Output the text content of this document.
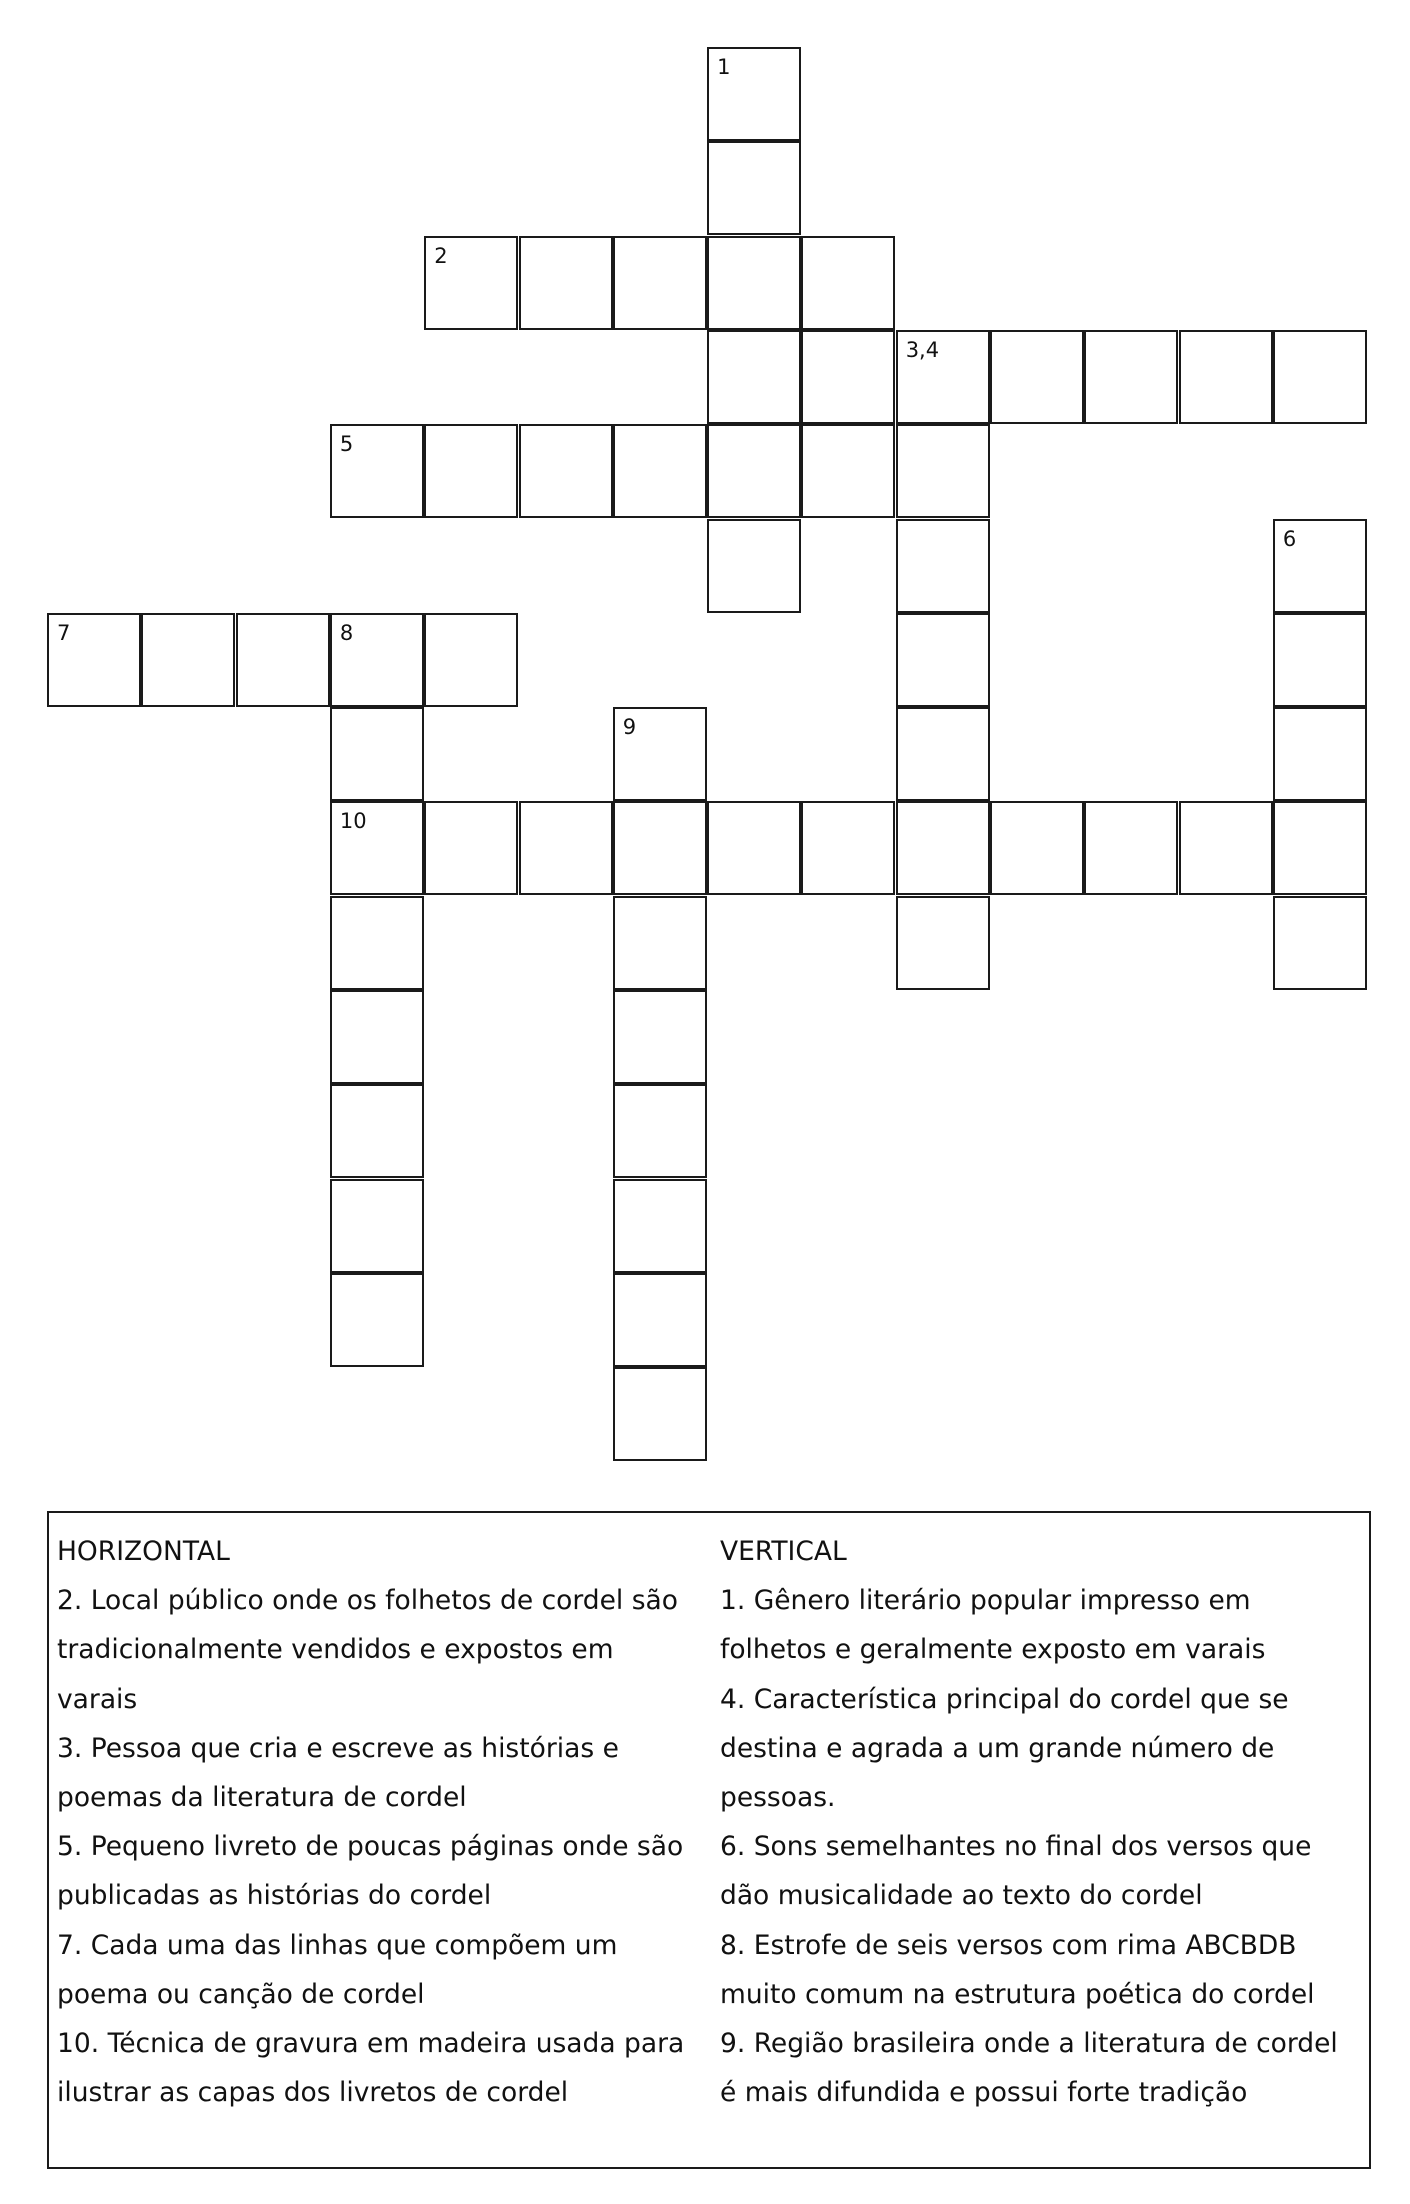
1
2
3,4
5
6
7	8
9
10
HORIZONTAL
2. Local público onde os folhetos de cordel são
tradicionalmente vendidos e expostos em
varais
3. Pessoa que cria e escreve as histórias e
poemas da literatura de cordel
5. Pequeno livreto de poucas páginas onde são
publicadas as histórias do cordel
7. Cada uma das linhas que compõem um
poema ou canção de cordel
10. Técnica de gravura em madeira usada para
ilustrar as capas dos livretos de cordel
VERTICAL
1. Gênero literário popular impresso em
folhetos e geralmente exposto em varais
4. Característica principal do cordel que se
destina e agrada a um grande número de
pessoas.
6. Sons semelhantes no final dos versos que
dão musicalidade ao texto do cordel
8. Estrofe de seis versos com rima ABCBDB
muito comum na estrutura poética do cordel
9. Região brasileira onde a literatura de cordel
é mais difundida e possui forte tradição
